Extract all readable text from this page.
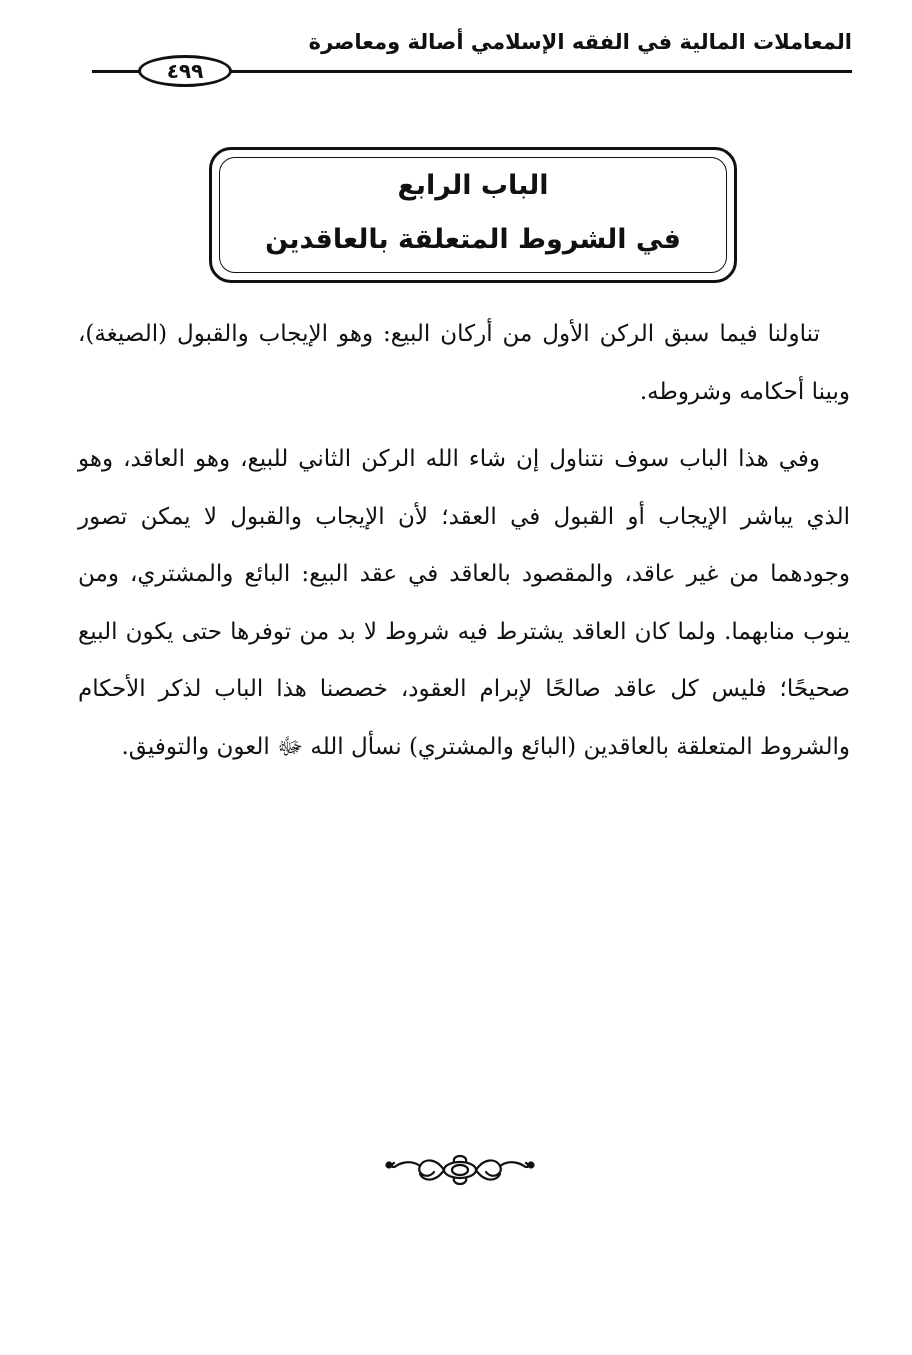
المعاملات المالية في الفقه الإسلامي أصالة ومعاصرة
٤٩٩
الباب الرابع
في الشروط المتعلقة بالعاقدين

تناولنا فيما سبق الركن الأول من أركان البيع: وهو الإيجاب والقبول (الصيغة)، وبينا أحكامه وشروطه.

وفي هذا الباب سوف نتناول إن شاء الله الركن الثاني للبيع، وهو العاقد، وهو الذي يباشر الإيجاب أو القبول في العقد؛ لأن الإيجاب والقبول لا يمكن تصور وجودهما من غير عاقد، والمقصود بالعاقد في عقد البيع: البائع والمشتري، ومن ينوب منابهما. ولما كان العاقد يشترط فيه شروط لا بد من توفرها حتى يكون البيع صحيحًا؛ فليس كل عاقد صالحًا لإبرام العقود، خصصنا هذا الباب لذكر الأحكام والشروط المتعلقة بالعاقدين (البائع والمشتري) نسأل الله ﷻ العون والتوفيق.
